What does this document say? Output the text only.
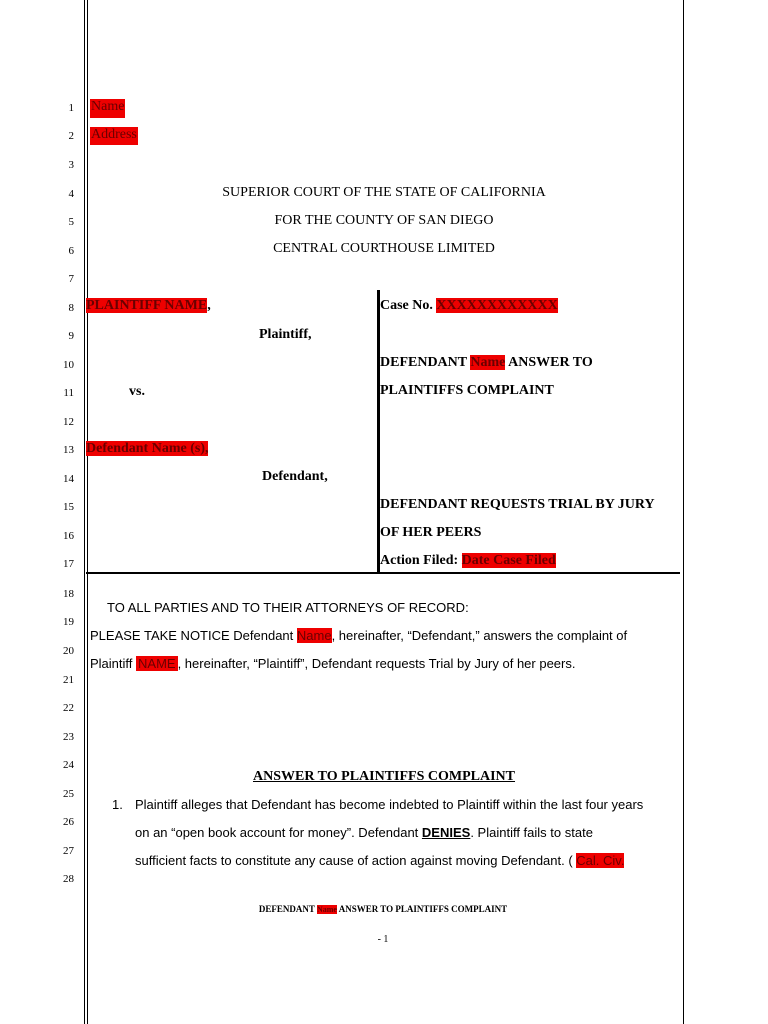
1
2
3
4
5
6
7
8
9
10
11
12
13
14
15
16
17
18
19
20
21
22
23
24
25
26
27
28
Name
Address
SUPERIOR COURT OF THE STATE OF CALIFORNIA
FOR THE COUNTY OF SAN DIEGO
CENTRAL COURTHOUSE LIMITED
PLAINTIFF NAME,
Plaintiff,
vs.
Defendant Name (s),
Defendant,
Case No. XXXXXXXXXXXX
DEFENDANT Name ANSWER TO
PLAINTIFFS COMPLAINT
DEFENDANT REQUESTS TRIAL BY JURY
OF HER PEERS
Action Filed: Date Case Filed
TO ALL PARTIES AND TO THEIR ATTORNEYS OF RECORD:
PLEASE TAKE NOTICE Defendant Name, hereinafter, “Defendant,” answers the complaint of
Plaintiff NAME , hereinafter, “Plaintiff”, Defendant requests Trial by Jury of her peers.
ANSWER TO PLAINTIFFS COMPLAINT
1. Plaintiff alleges that Defendant has become indebted to Plaintiff within the last four years
on an “open book account for money”. Defendant DENIES. Plaintiff fails to state
sufficient facts to constitute any cause of action against moving Defendant. ( Cal. Civ.
DEFENDANT Name ANSWER TO PLAINTIFFS COMPLAINT
- 1
